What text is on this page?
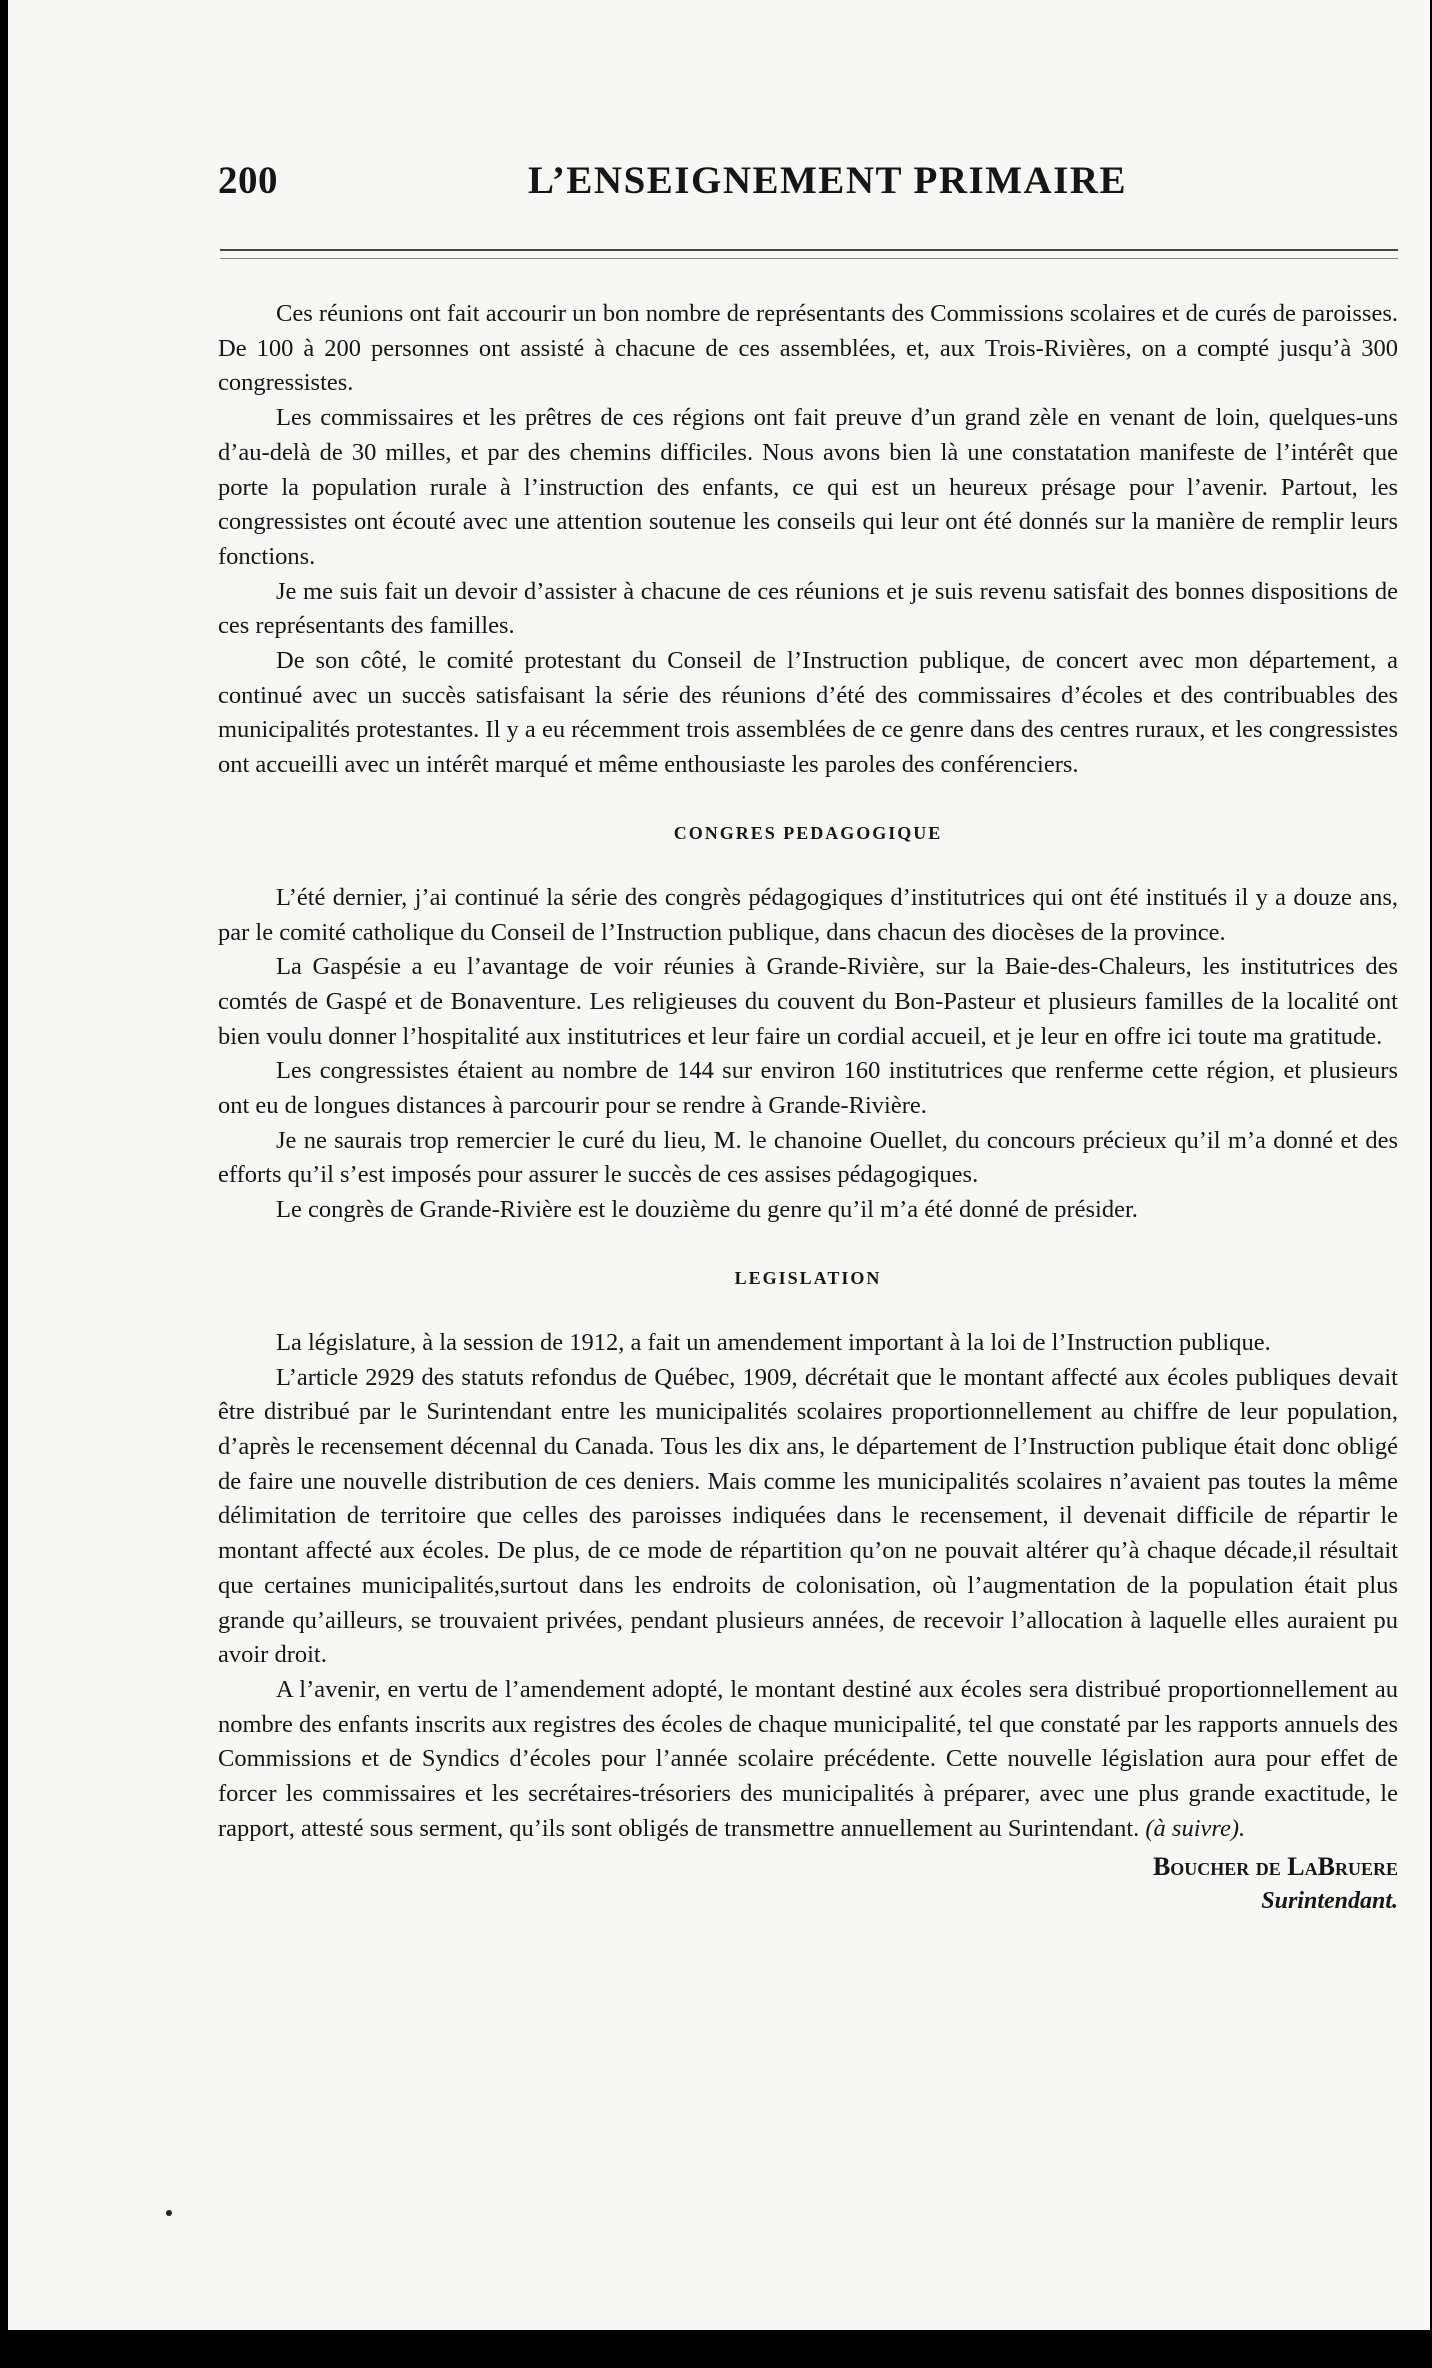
200	L’ENSEIGNEMENT PRIMAIRE

Ces réunions ont fait accourir un bon nombre de représentants des Commissions scolaires et de curés de paroisses. De 100 à 200 personnes ont assisté à chacune de ces assemblées, et, aux Trois-Rivières, on a compté jusqu’à 300 congressistes.

Les commissaires et les prêtres de ces régions ont fait preuve d’un grand zèle en venant de loin, quelques-uns d’au-delà de 30 milles, et par des chemins difficiles. Nous avons bien là une constatation manifeste de l’intérêt que porte la population rurale à l’instruction des enfants, ce qui est un heureux présage pour l’avenir. Partout, les congressistes ont écouté avec une attention soutenue les conseils qui leur ont été donnés sur la manière de remplir leurs fonctions.

Je me suis fait un devoir d’assister à chacune de ces réunions et je suis revenu satisfait des bonnes dispositions de ces représentants des familles.

De son côté, le comité protestant du Conseil de l’Instruction publique, de concert avec mon département, a continué avec un succès satisfaisant la série des réunions d’été des commissaires d’écoles et des contribuables des municipalités protestantes. Il y a eu récemment trois assemblées de ce genre dans des centres ruraux, et les congressistes ont accueilli avec un intérêt marqué et même enthousiaste les paroles des conférenciers.

CONGRES PEDAGOGIQUE

L’été dernier, j’ai continué la série des congrès pédagogiques d’institutrices qui ont été institués il y a douze ans, par le comité catholique du Conseil de l’Instruction publique, dans chacun des diocèses de la province.

La Gaspésie a eu l’avantage de voir réunies à Grande-Rivière, sur la Baie-des-Chaleurs, les institutrices des comtés de Gaspé et de Bonaventure. Les religieuses du couvent du Bon-Pasteur et plusieurs familles de la localité ont bien voulu donner l’hospitalité aux institutrices et leur faire un cordial accueil, et je leur en offre ici toute ma gratitude.

Les congressistes étaient au nombre de 144 sur environ 160 institutrices que renferme cette région, et plusieurs ont eu de longues distances à parcourir pour se rendre à Grande-Rivière.

Je ne saurais trop remercier le curé du lieu, M. le chanoine Ouellet, du concours précieux qu’il m’a donné et des efforts qu’il s’est imposés pour assurer le succès de ces assises pédagogiques.

Le congrès de Grande-Rivière est le douzième du genre qu’il m’a été donné de présider.

LEGISLATION

La législature, à la session de 1912, a fait un amendement important à la loi de l’Instruction publique.

L’article 2929 des statuts refondus de Québec, 1909, décrétait que le montant affecté aux écoles publiques devait être distribué par le Surintendant entre les municipalités scolaires proportionnellement au chiffre de leur population, d’après le recensement décennal du Canada. Tous les dix ans, le département de l’Instruction publique était donc obligé de faire une nouvelle distribution de ces deniers. Mais comme les municipalités scolaires n’avaient pas toutes la même délimitation de territoire que celles des paroisses indiquées dans le recensement, il devenait difficile de répartir le montant affecté aux écoles. De plus, de ce mode de répartition qu’on ne pouvait altérer qu’à chaque décade,il résultait que certaines municipalités,surtout dans les endroits de colonisation, où l’augmentation de la population était plus grande qu’ailleurs, se trouvaient privées, pendant plusieurs années, de recevoir l’allocation à laquelle elles auraient pu avoir droit.

A l’avenir, en vertu de l’amendement adopté, le montant destiné aux écoles sera distribué proportionnellement au nombre des enfants inscrits aux registres des écoles de chaque municipalité, tel que constaté par les rapports annuels des Commissions et de Syndics d’écoles pour l’année scolaire précédente. Cette nouvelle législation aura pour effet de forcer les commissaires et les secrétaires-trésoriers des municipalités à préparer, avec une plus grande exactitude, le rapport, attesté sous serment, qu’ils sont obligés de transmettre annuellement au Surintendant. (à suivre).

Boucher de LaBruere
Surintendant.
